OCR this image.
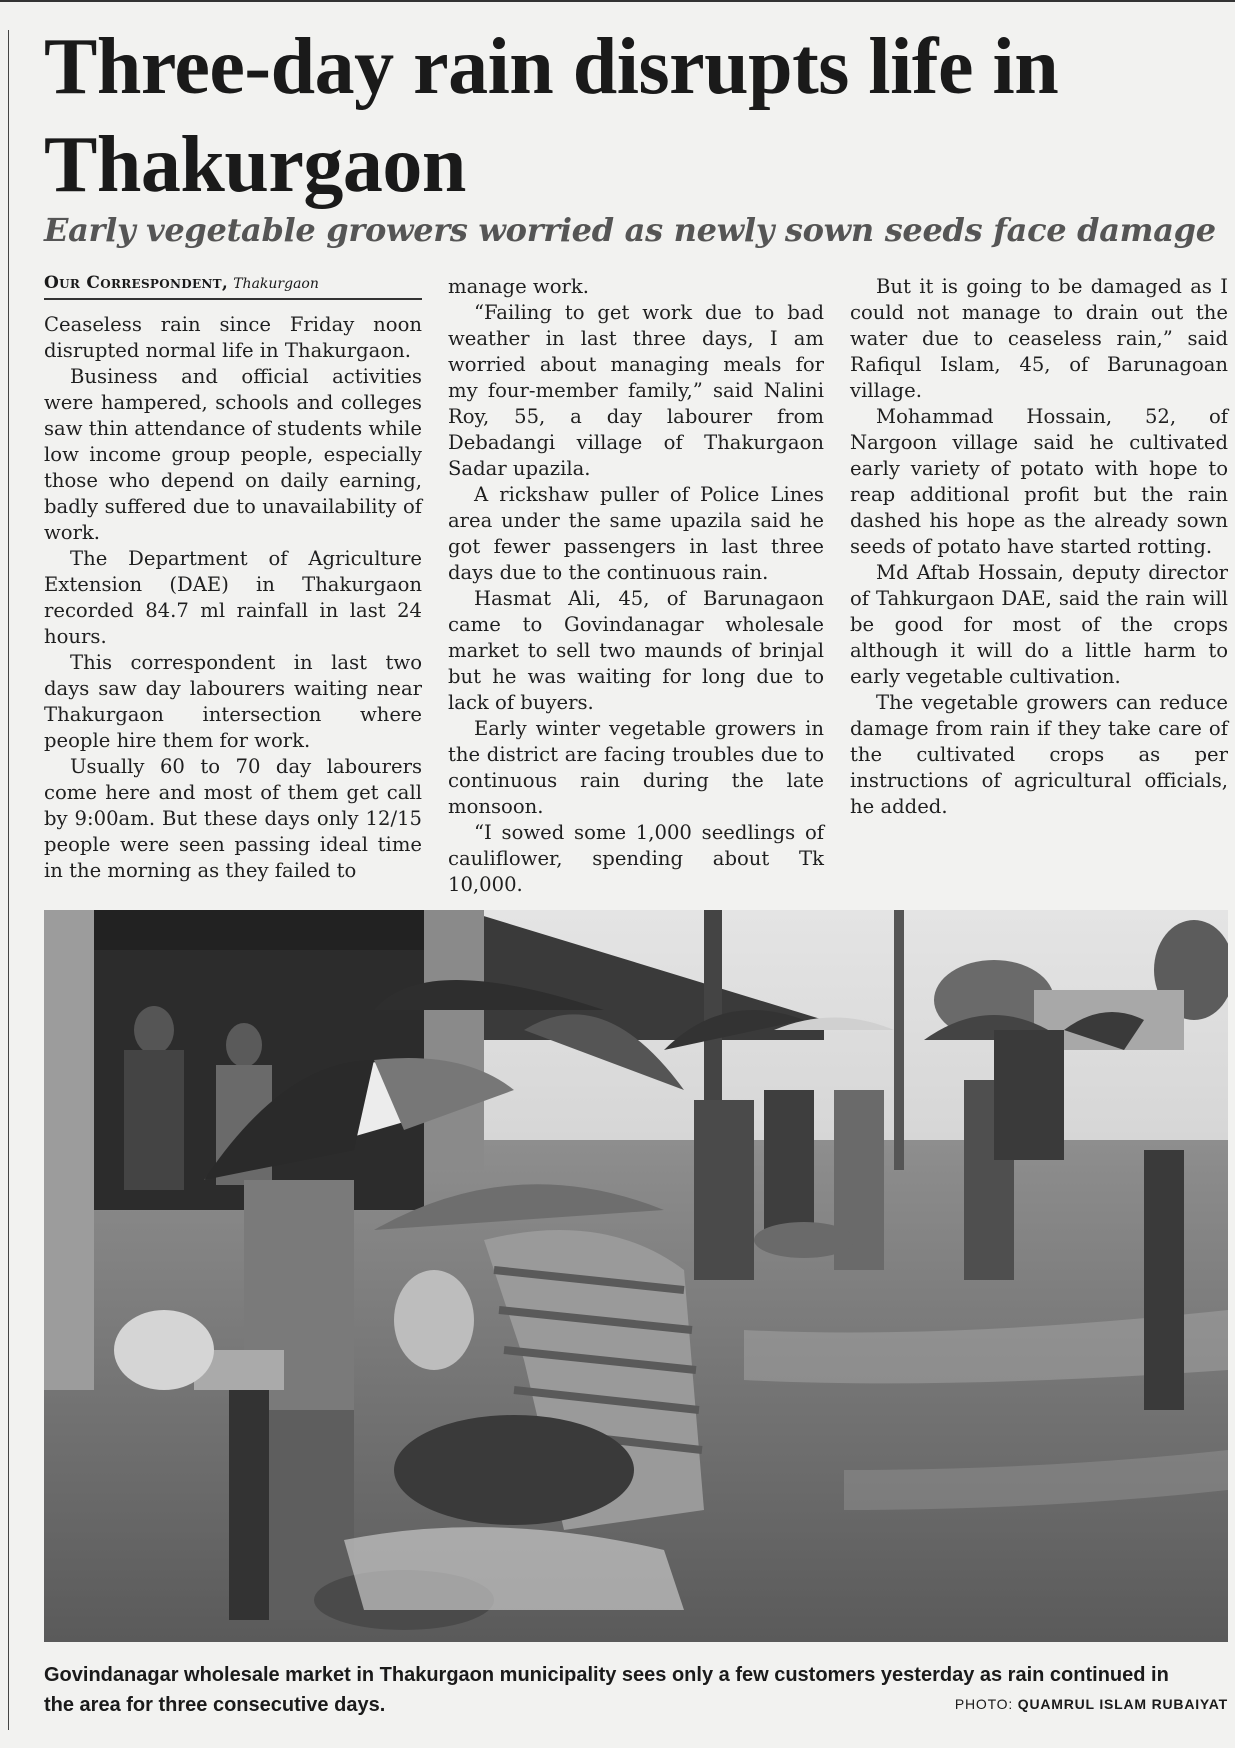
Three-day rain disrupts life in Thakurgaon
Early vegetable growers worried as newly sown seeds face damage
Our Correspondent, Thakurgaon

Ceaseless rain since Friday noon disrupted normal life in Thakurgaon.

Business and official activities were hampered, schools and colleges saw thin attendance of students while low income group people, especially those who depend on daily earning, badly suffered due to unavailability of work.

The Department of Agriculture Extension (DAE) in Thakurgaon recorded 84.7 ml rainfall in last 24 hours.

This correspondent in last two days saw day labourers waiting near Thakurgaon intersection where people hire them for work.

Usually 60 to 70 day labourers come here and most of them get call by 9:00am. But these days only 12/15 people were seen passing ideal time in the morning as they failed to

manage work.

“Failing to get work due to bad weather in last three days, I am worried about managing meals for my four-member family,” said Nalini Roy, 55, a day labourer from Debadangi village of Thakurgaon Sadar upazila.

A rickshaw puller of Police Lines area under the same upazila said he got fewer passengers in last three days due to the continuous rain.

Hasmat Ali, 45, of Barunagaon came to Govindanagar wholesale market to sell two maunds of brinjal but he was waiting for long due to lack of buyers.

Early winter vegetable growers in the district are facing troubles due to continuous rain during the late monsoon.

“I sowed some 1,000 seedlings of cauliflower, spending about Tk 10,000.

But it is going to be damaged as I could not manage to drain out the water due to ceaseless rain,” said Rafiqul Islam, 45, of Barunagoan village.

Mohammad Hossain, 52, of Nargoon village said he cultivated early variety of potato with hope to reap additional profit but the rain dashed his hope as the already sown seeds of potato have started rotting.

Md Aftab Hossain, deputy director of Tahkurgaon DAE, said the rain will be good for most of the crops although it will do a little harm to early vegetable cultivation.

The vegetable growers can reduce damage from rain if they take care of the cultivated crops as per instructions of agricultural officials, he added.

Govindanagar wholesale market in Thakurgaon municipality sees only a few customers yesterday as rain continued in the area for three consecutive days.	PHOTO: QUAMRUL ISLAM RUBAIYAT
